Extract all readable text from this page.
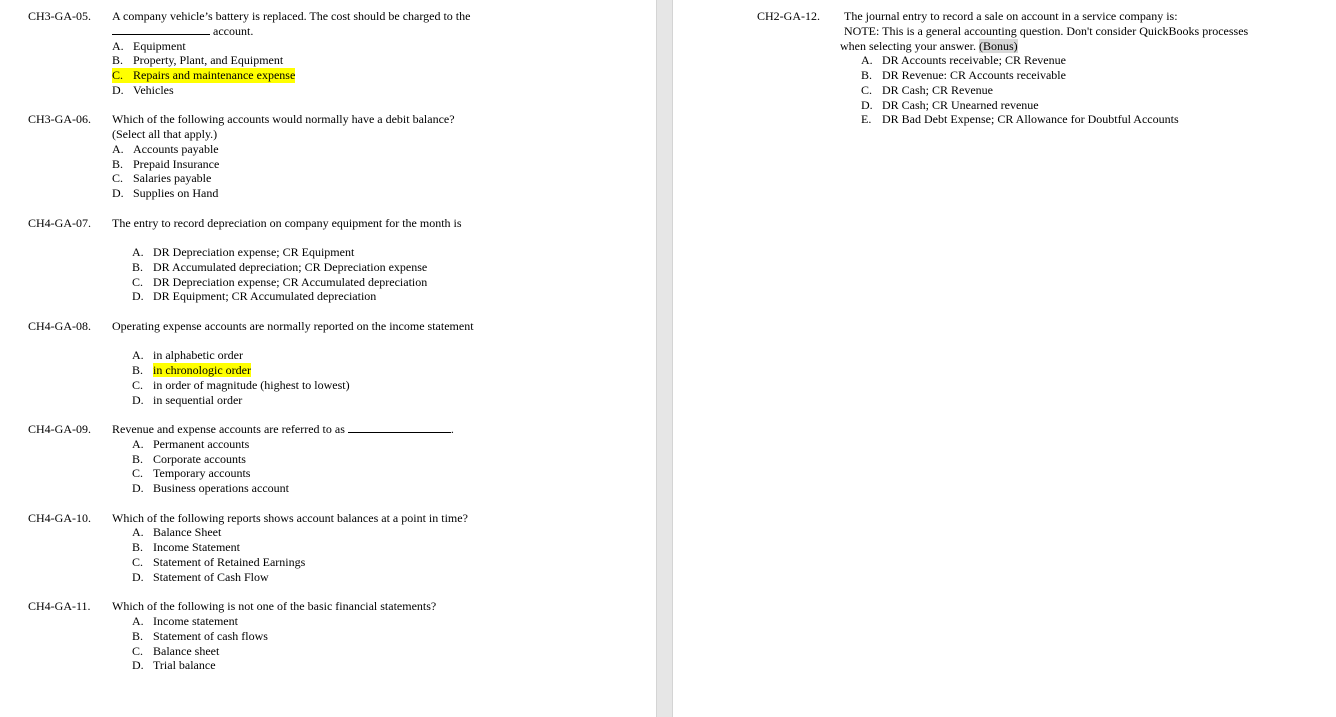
CH3-GA-05. A company vehicle’s battery is replaced. The cost should be charged to the
account.
A. Equipment
B. Property, Plant, and Equipment
C. Repairs and maintenance expense
D. Vehicles
CH3-GA-06. Which of the following accounts would normally have a debit balance?
(Select all that apply.)
A. Accounts payable
B. Prepaid Insurance
C. Salaries payable
D. Supplies on Hand
CH4-GA-07. The entry to record depreciation on company equipment for the month is
A. DR Depreciation expense; CR Equipment
B. DR Accumulated depreciation; CR Depreciation expense
C. DR Depreciation expense; CR Accumulated depreciation
D. DR Equipment; CR Accumulated depreciation
CH4-GA-08. Operating expense accounts are normally reported on the income statement
A. in alphabetic order
B. in chronologic order
C. in order of magnitude (highest to lowest)
D. in sequential order
CH4-GA-09. Revenue and expense accounts are referred to as	.
A. Permanent accounts
B. Corporate accounts
C. Temporary accounts
D. Business operations account
CH4-GA-10. Which of the following reports shows account balances at a point in time?
A. Balance Sheet
B. Income Statement
C. Statement of Retained Earnings
D. Statement of Cash Flow
CH4-GA-11. Which of the following is not one of the basic financial statements?
A. Income statement
B. Statement of cash flows
C. Balance sheet
D. Trial balance
CH2-GA-12. The journal entry to record a sale on account in a service company is:
NOTE: This is a general accounting question. Don't consider QuickBooks processes
when selecting your answer. (Bonus)
A. DR Accounts receivable; CR Revenue
B. DR Revenue: CR Accounts receivable
C. DR Cash; CR Revenue
D. DR Cash; CR Unearned revenue
E. DR Bad Debt Expense; CR Allowance for Doubtful Accounts
